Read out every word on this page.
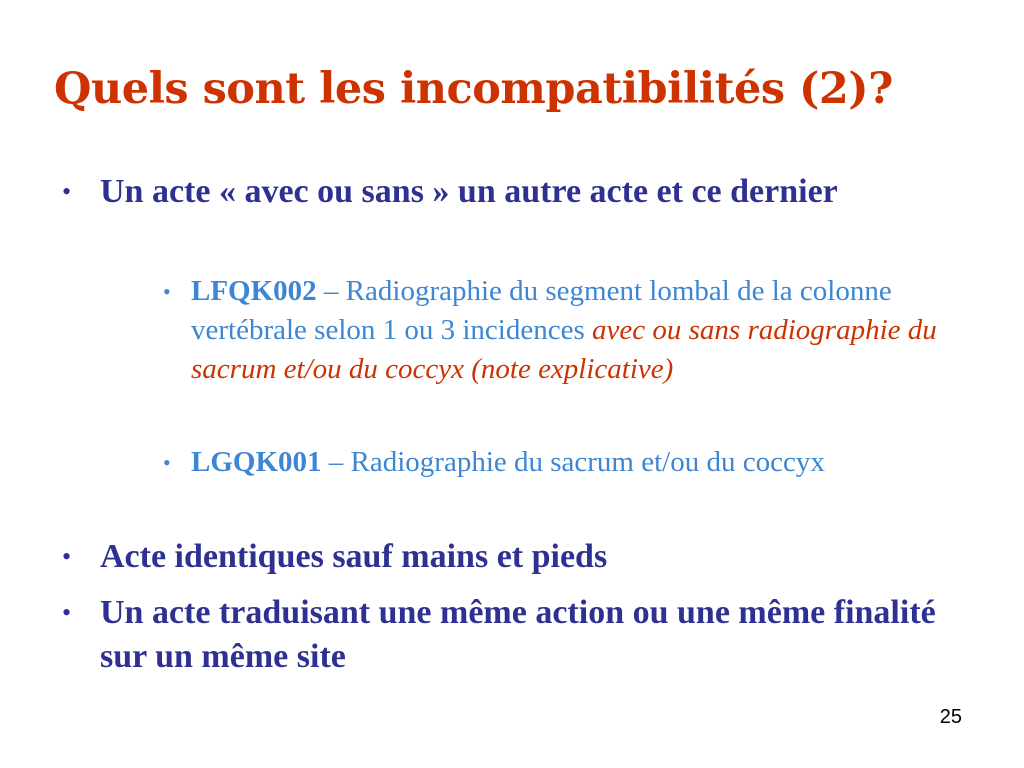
Quels sont les incompatibilités (2)?
• Un acte « avec ou sans » un autre acte et ce dernier
• LFQK002 – Radiographie du segment lombal de la colonne vertébrale selon 1 ou 3 incidences avec ou sans radiographie du sacrum et/ou du coccyx (note explicative)
• LGQK001 – Radiographie du sacrum et/ou du coccyx
• Acte identiques sauf mains et pieds
• Un acte traduisant une même action ou une même finalité sur un même site
25
